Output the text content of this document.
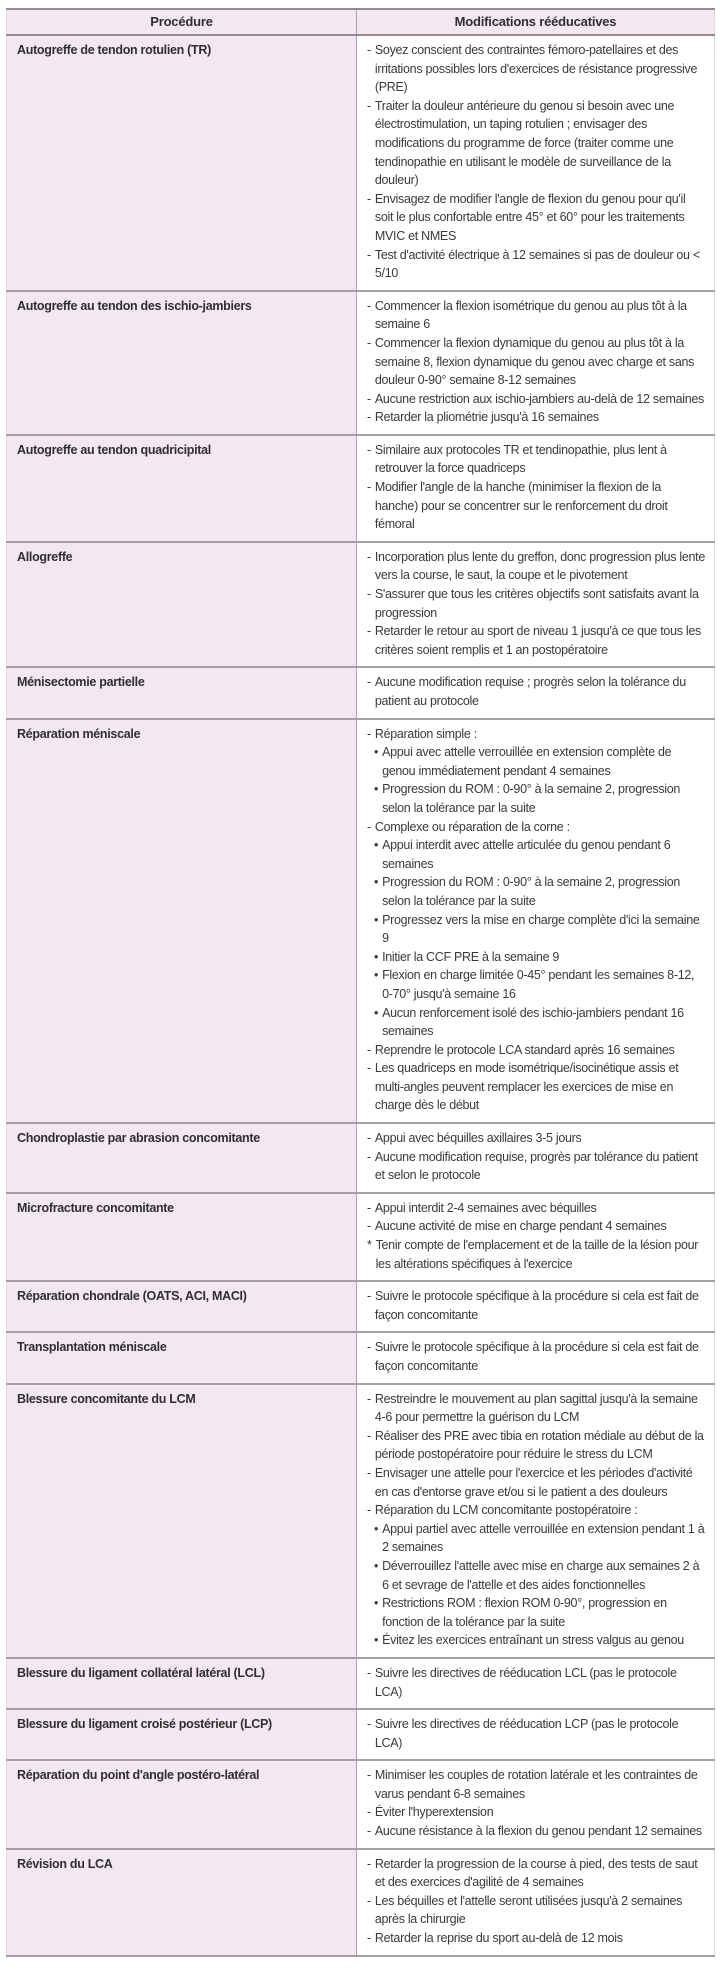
Procédure	Modifications rééducatives
Autogreffe de tendon rotulien (TR)	- Soyez conscient des contraintes fémoro-patellaires et des irritations possibles lors d'exercices de résistance progressive (PRE)
- Traiter la douleur antérieure du genou si besoin avec une électrostimulation, un taping rotulien ; envisager des modifications du programme de force (traiter comme une tendinopathie en utilisant le modèle de surveillance de la douleur)
- Envisagez de modifier l'angle de flexion du genou pour qu'il soit le plus confortable entre 45° et 60° pour les traitements MVIC et NMES
- Test d'activité électrique à 12 semaines si pas de douleur ou < 5/10

Autogreffe au tendon des ischio-jambiers	- Commencer la flexion isométrique du genou au plus tôt à la semaine 6
- Commencer la flexion dynamique du genou au plus tôt à la semaine 8, flexion dynamique du genou avec charge et sans douleur 0-90° semaine 8-12 semaines
- Aucune restriction aux ischio-jambiers au-delà de 12 semaines
- Retarder la pliométrie jusqu'à 16 semaines

Autogreffe au tendon quadricipital	- Similaire aux protocoles TR et tendinopathie, plus lent à retrouver la force quadriceps
- Modifier l'angle de la hanche (minimiser la flexion de la hanche) pour se concentrer sur le renforcement du droit fémoral

Allogreffe	- Incorporation plus lente du greffon, donc progression plus lente vers la course, le saut, la coupe et le pivotement
- S'assurer que tous les critères objectifs sont satisfaits avant la progression
- Retarder le retour au sport de niveau 1 jusqu'à ce que tous les critères soient remplis et 1 an postopératoire

Ménisectomie partielle	- Aucune modification requise ; progrès selon la tolérance du patient au protocole

Réparation méniscale	- Réparation simple :
• Appui avec attelle verrouillée en extension complète de genou immédiatement pendant 4 semaines
• Progression du ROM : 0-90° à la semaine 2, progression selon la tolérance par la suite
- Complexe ou réparation de la corne :
• Appui interdit avec attelle articulée du genou pendant 6 semaines
• Progression du ROM : 0-90° à la semaine 2, progression selon la tolérance par la suite
• Progressez vers la mise en charge complète d'ici la semaine 9
• Initier la CCF PRE à la semaine 9
• Flexion en charge limitée 0-45° pendant les semaines 8-12, 0-70° jusqu'à semaine 16
• Aucun renforcement isolé des ischio-jambiers pendant 16 semaines
- Reprendre le protocole LCA standard après 16 semaines
- Les quadriceps en mode isométrique/isocinétique assis et multi-angles peuvent remplacer les exercices de mise en charge dès le début

Chondroplastie par abrasion concomitante	- Appui avec béquilles axillaires 3-5 jours
- Aucune modification requise, progrès par tolérance du patient et selon le protocole

Microfracture concomitante	- Appui interdit 2-4 semaines avec béquilles
- Aucune activité de mise en charge pendant 4 semaines
* Tenir compte de l'emplacement et de la taille de la lésion pour les altérations spécifiques à l'exercice

Réparation chondrale (OATS, ACI, MACI)	- Suivre le protocole spécifique à la procédure si cela est fait de façon concomitante

Transplantation méniscale	- Suivre le protocole spécifique à la procédure si cela est fait de façon concomitante

Blessure concomitante du LCM	- Restreindre le mouvement au plan sagittal jusqu'à la semaine 4-6 pour permettre la guérison du LCM
- Réaliser des PRE avec tibia en rotation médiale au début de la période postopératoire pour réduire le stress du LCM
- Envisager une attelle pour l'exercice et les périodes d'activité en cas d'entorse grave et/ou si le patient a des douleurs
- Réparation du LCM concomitante postopératoire :
• Appui partiel avec attelle verrouillée en extension pendant 1 à 2 semaines
• Déverrouillez l'attelle avec mise en charge aux semaines 2 à 6 et sevrage de l'attelle et des aides fonctionnelles
• Restrictions ROM : flexion ROM 0-90°, progression en fonction de la tolérance par la suite
• Évitez les exercices entraînant un stress valgus au genou

Blessure du ligament collatéral latéral (LCL)	- Suivre les directives de rééducation LCL (pas le protocole LCA)

Blessure du ligament croisé postérieur (LCP)	- Suivre les directives de rééducation LCP (pas le protocole LCA)

Réparation du point d'angle postéro-latéral	- Minimiser les couples de rotation latérale et les contraintes de varus pendant 6-8 semaines
- Éviter l'hyperextension
- Aucune résistance à la flexion du genou pendant 12 semaines

Révision du LCA	- Retarder la progression de la course à pied, des tests de saut et des exercices d'agilité de 4 semaines
- Les béquilles et l'attelle seront utilisées jusqu'à 2 semaines après la chirurgie
- Retarder la reprise du sport au-delà de 12 mois
